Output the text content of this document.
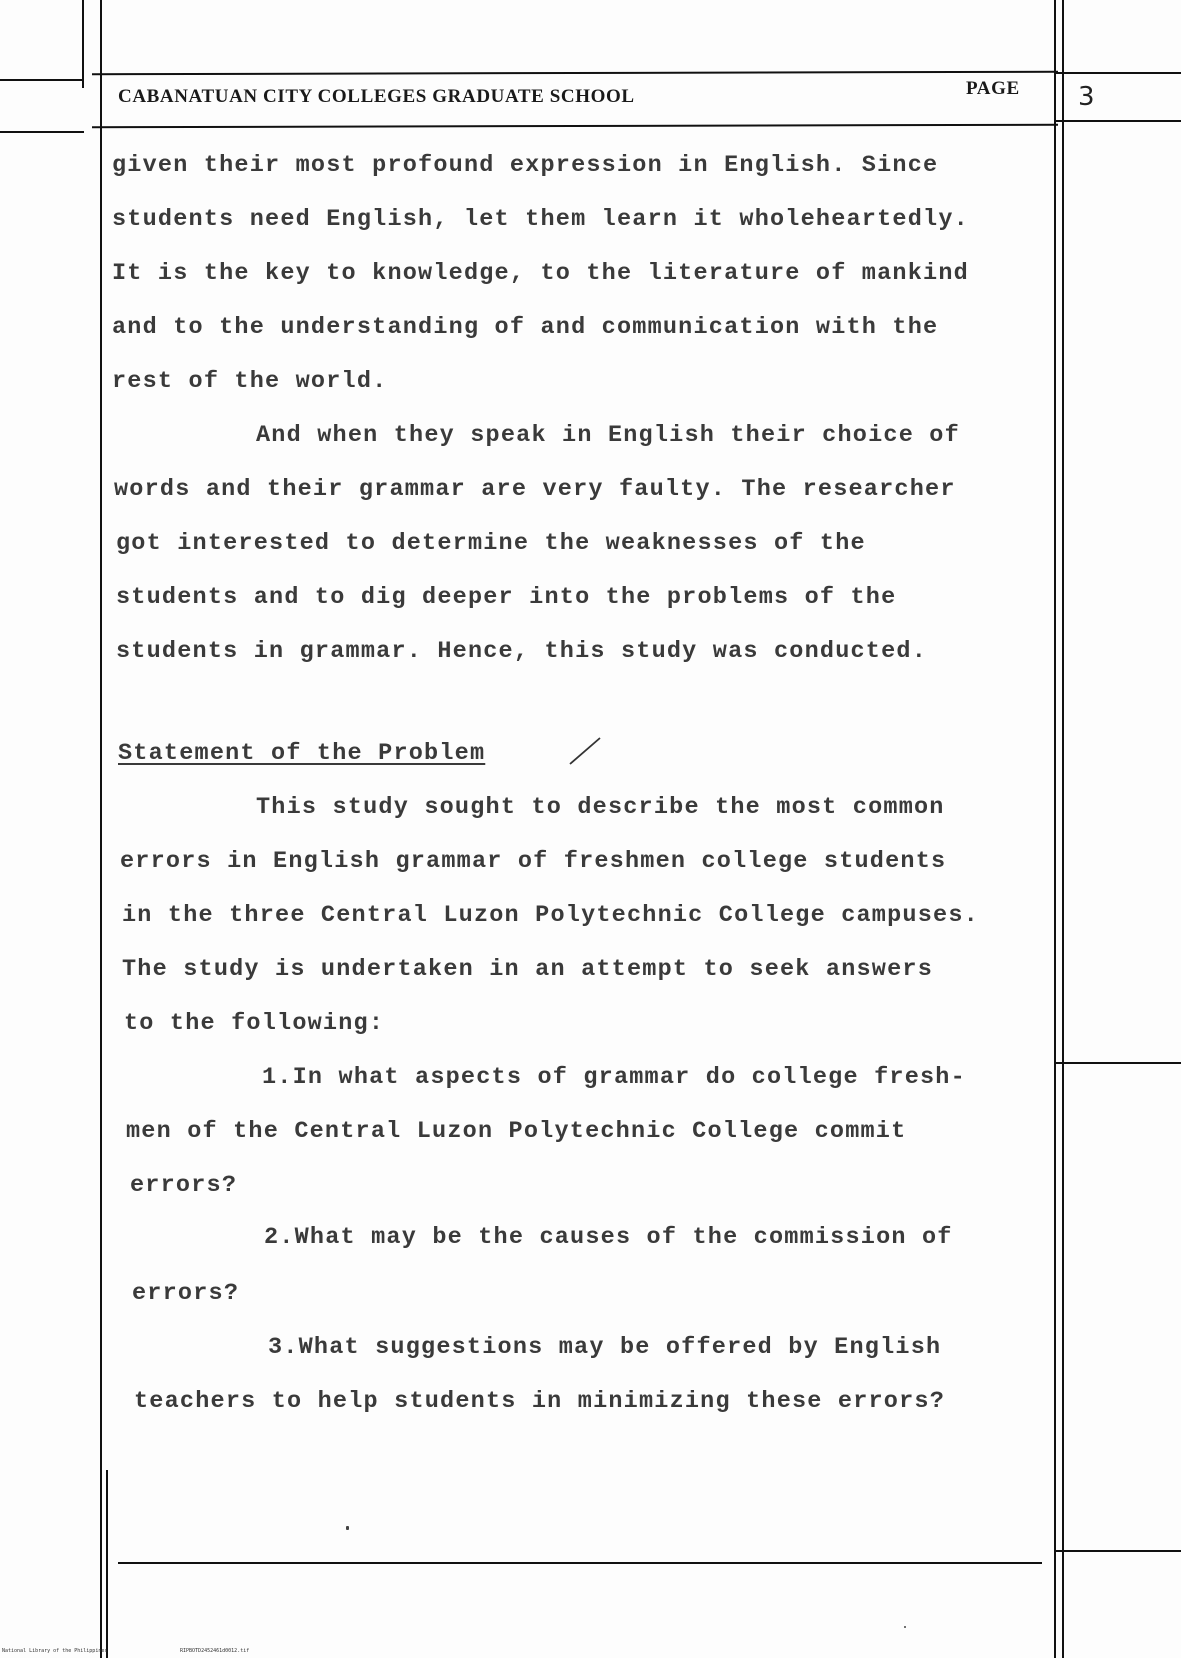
CABANATUAN CITY COLLEGES GRADUATE SCHOOL	PAGE 3
given their most profound expression in English. Since
students need English, let them learn it wholeheartedly.
It is the key to knowledge, to the literature of mankind
and to the understanding of and communication with the
rest of the world.
And when they speak in English their choice of
words and their grammar are very faulty. The researcher
got interested to determine the weaknesses of the
students and to dig deeper into the problems of the
students in grammar. Hence, this study was conducted.
Statement of the Problem
This study sought to describe the most common
errors in English grammar of freshmen college students
in the three Central Luzon Polytechnic College campuses.
The study is undertaken in an attempt to seek answers
to the following:
1.In what aspects of grammar do college fresh-
men of the Central Luzon Polytechnic College commit
errors?
2.What may be the causes of the commission of
errors?
3.What suggestions may be offered by English
teachers to help students in minimizing these errors?
National Library of the Philippines	RIPBOTD2452461d0012.tif
